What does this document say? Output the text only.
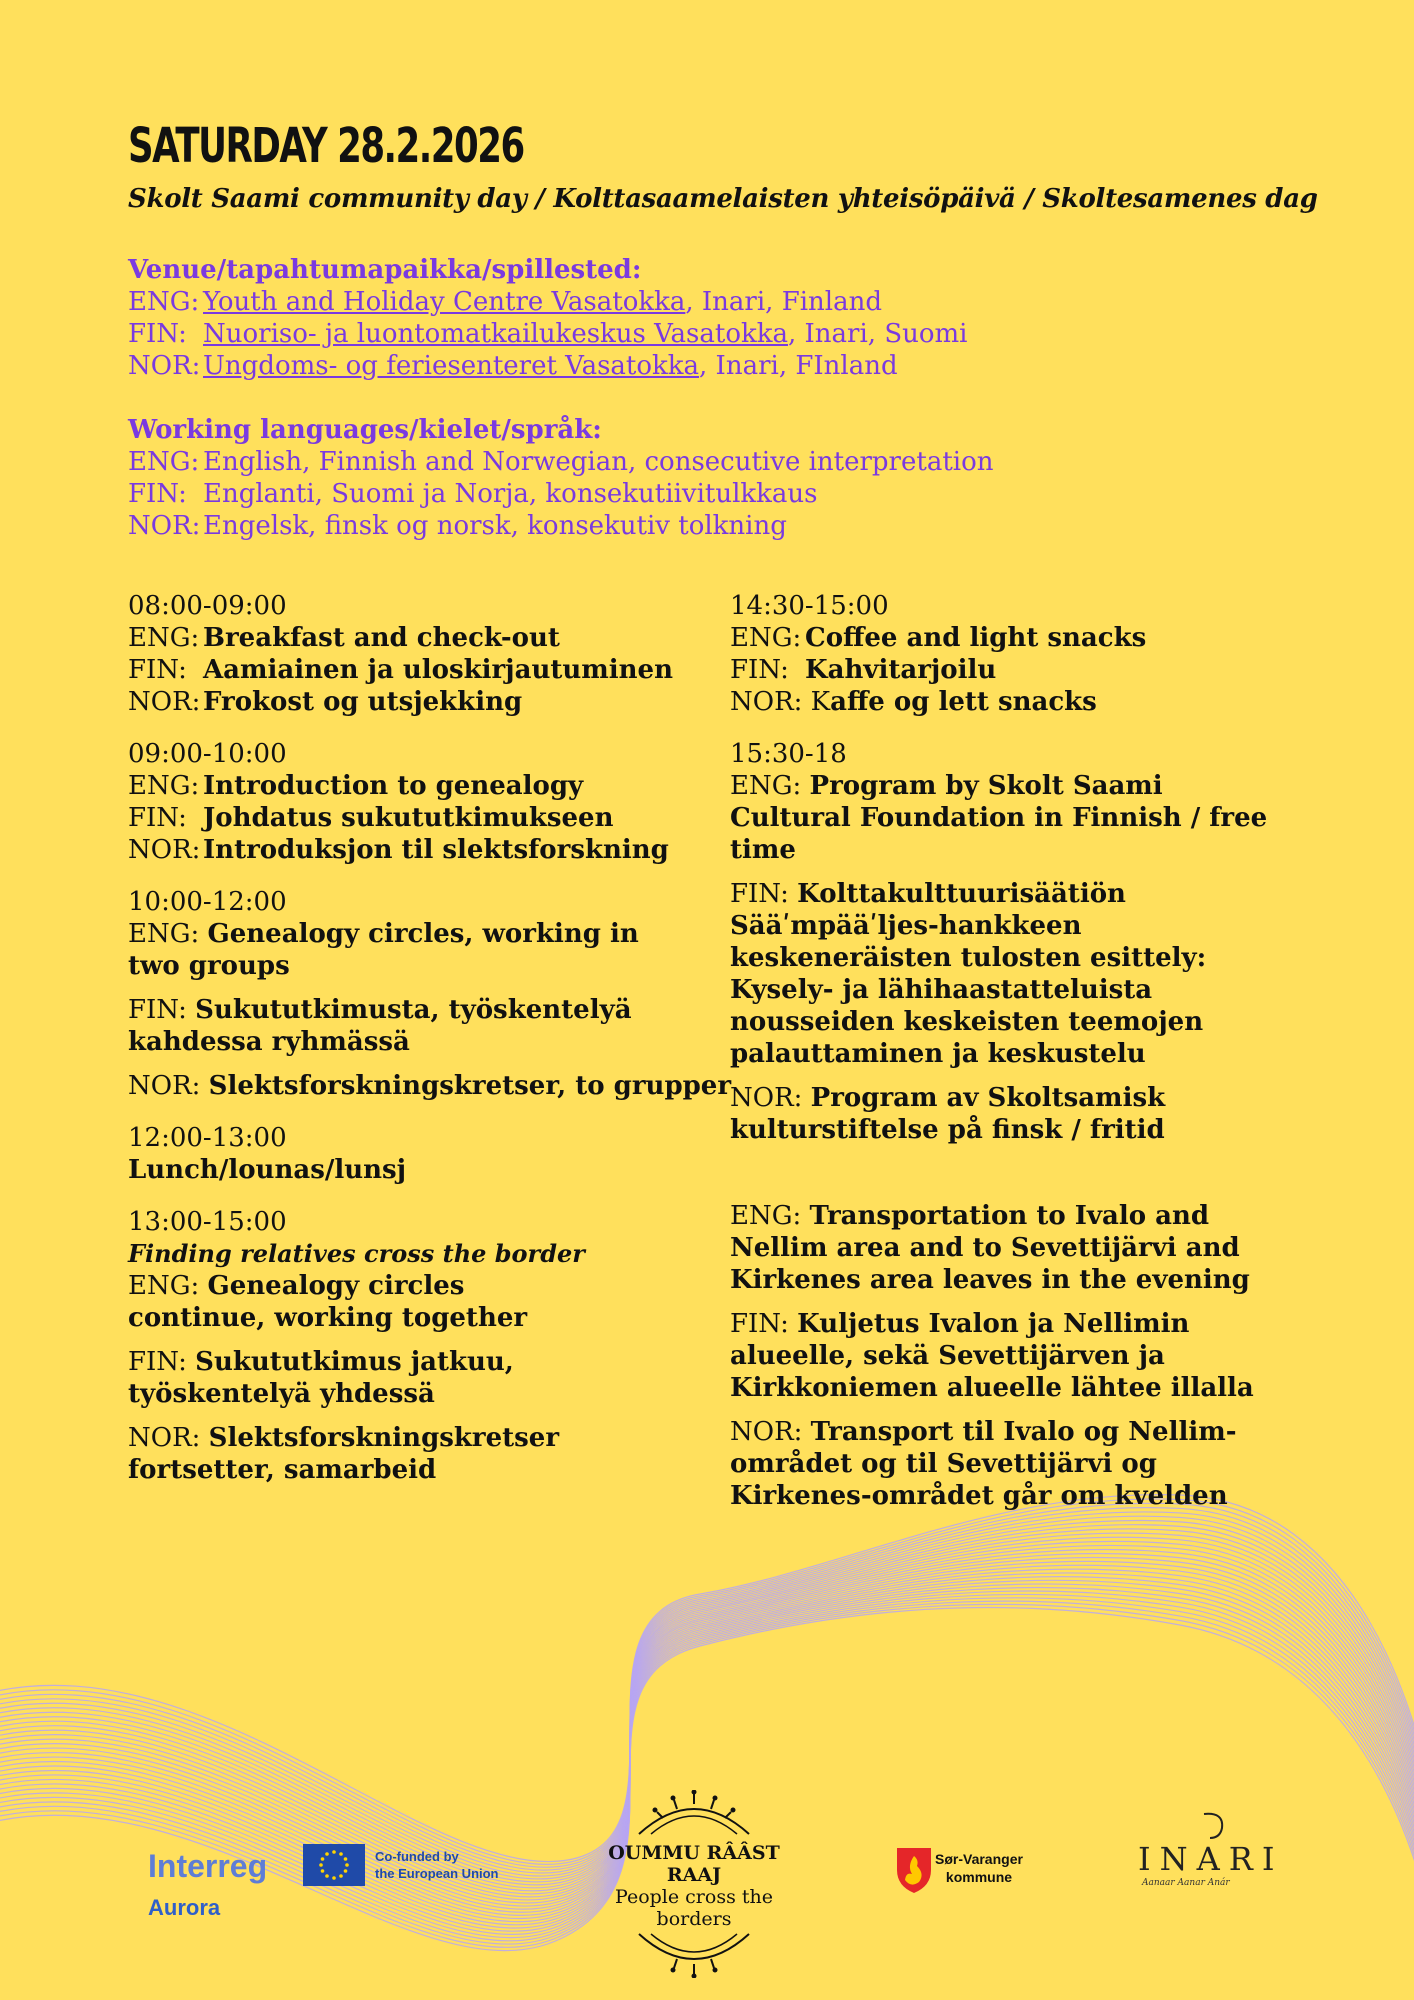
SATURDAY 28.2.2026

Skolt Saami community day / Kolttasaamelaisten yhteisöpäivä / Skoltesamenes dag

Venue/tapahtumapaikka/spillested:
ENG: Youth and Holiday Centre Vasatokka, Inari, Finland
FIN: Nuoriso- ja luontomatkailukeskus Vasatokka, Inari, Suomi
NOR:Ungdoms- og feriesenteret Vasatokka, Inari, FInland
Working languages/kielet/språk:
ENG: English, Finnish and Norwegian, consecutive interpretation
FIN: Englanti, Suomi ja Norja, konsekutiivitulkkaus
NOR:Engelsk, finsk og norsk, konsekutiv tolkning

08:00-09:00

ENG: Breakfast and check-out

FIN: Aamiainen ja uloskirjautuminen

NOR:Frokost og utsjekking

09:00-10:00

ENG: Introduction to genealogy

FIN: Johdatus sukututkimukseen

NOR:Introduksjon til slektsforskning

10:00-12:00

ENG: Genealogy circles, working in two groups

FIN: Sukututkimusta, työskentelyä kahdessa ryhmässä

NOR: Slektsforskningskretser, to grupper

12:00-13:00

Lunch/lounas/lunsj

13:00-15:00

Finding relatives cross the border

ENG: Genealogy circles continue, working together

FIN: Sukututkimus jatkuu, työskentelyä yhdessä

NOR: Slektsforskningskretser fortsetter, samarbeid

14:30-15:00

ENG: Coffee and light snacks

FIN: Kahvitarjoilu

NOR: Kaffe og lett snacks

15:30-18

ENG: Program by Skolt Saami Cultural Foundation in Finnish / free time

FIN: Kolttakulttuurisäätiön Sääʹmpääʹljes-hankkeen keskeneräisten tulosten esittely: Kysely- ja lähihaastatteluista nousseiden keskeisten teemojen palauttaminen ja keskustelu

NOR: Program av Skoltsamisk kulturstiftelse på finsk / fritid

ENG: Transportation to Ivalo and Nellim area and to Sevettijärvi and Kirkenes area leaves in the evening

FIN: Kuljetus Ivalon ja Nellimin alueelle, sekä Sevettijärven ja Kirkkoniemen alueelle lähtee illalla

NOR: Transport til Ivalo og Nellim-området og til Sevettijärvi og Kirkenes-området går om kvelden

Interreg
Aurora
Co-funded by
the European Union
OUMMU RÂÂST RAAJ
People cross the borders
Sør-Varanger
kommune	INARI
Aanaar Aanar Anár
